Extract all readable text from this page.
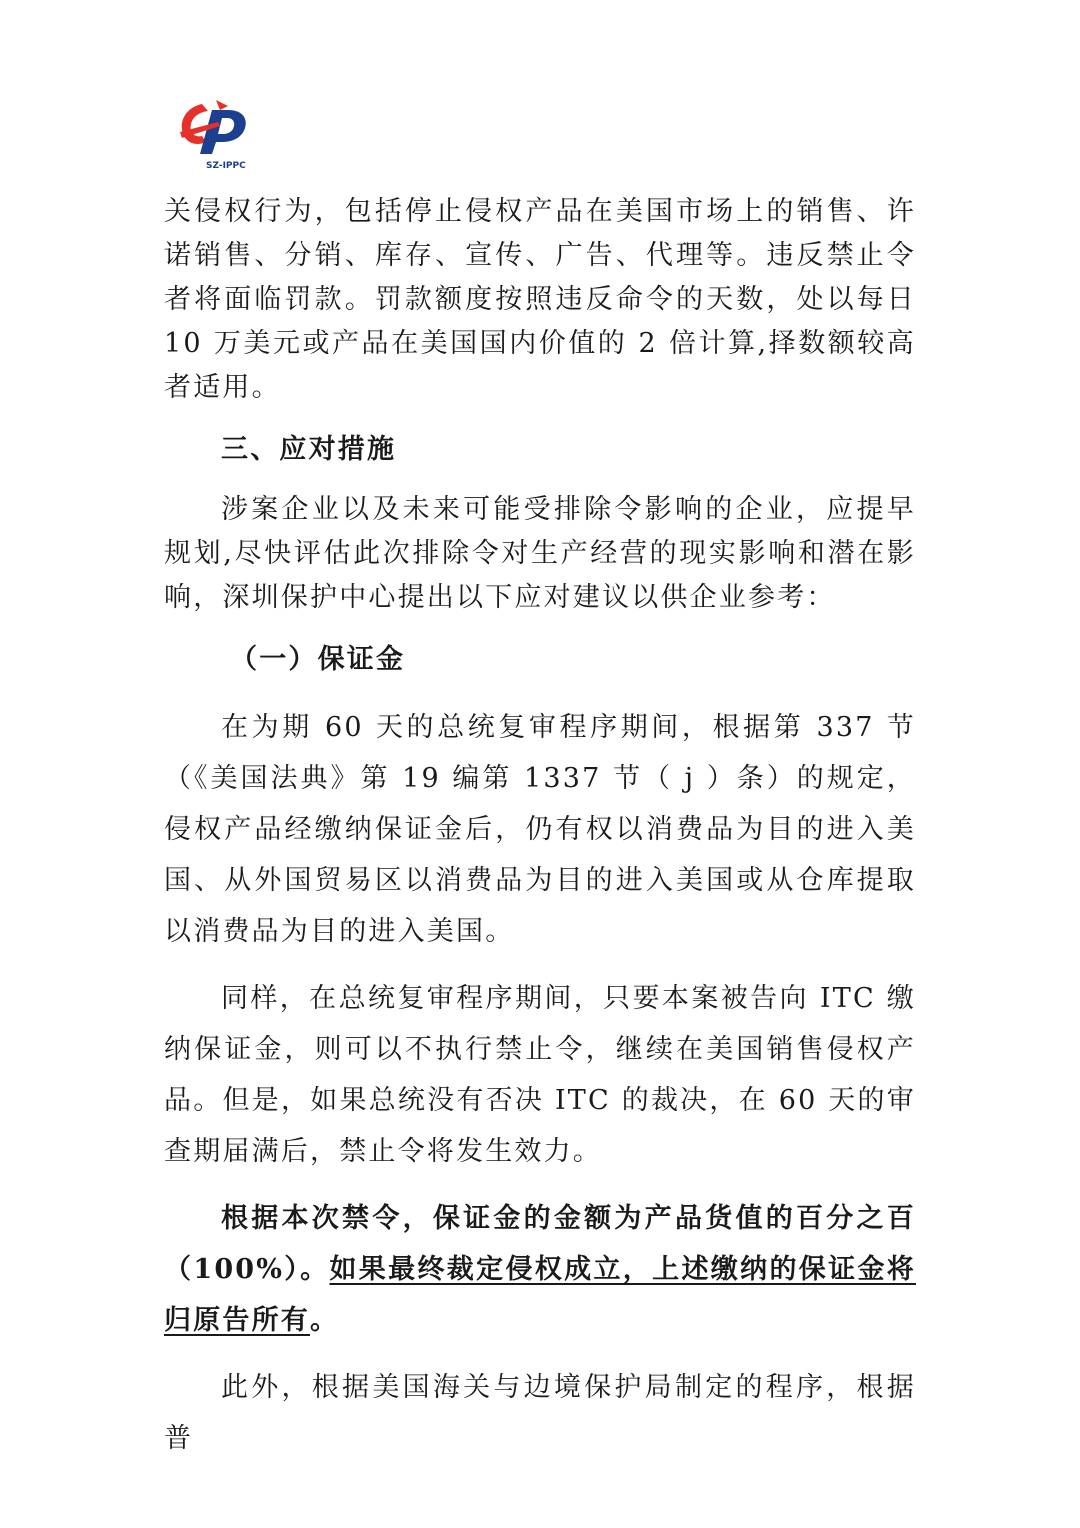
SZ-IPPC

关侵权行为，包括停止侵权产品在美国市场上的销售、许诺销售、分销、库存、宣传、广告、代理等。违反禁止令者将面临罚款。罚款额度按照违反命令的天数，处以每日 10 万美元或产品在美国国内价值的 2 倍计算,择数额较高者适用。

三、应对措施

涉案企业以及未来可能受排除令影响的企业，应提早规划,尽快评估此次排除令对生产经营的现实影响和潜在影响，深圳保护中心提出以下应对建议以供企业参考：

（一）保证金

在为期 60 天的总统复审程序期间，根据第 337 节（《美国法典》第 19 编第 1337 节（ j ）条）的规定，侵权产品经缴纳保证金后，仍有权以消费品为目的进入美国、从外国贸易区以消费品为目的进入美国或从仓库提取以消费品为目的进入美国。

同样，在总统复审程序期间，只要本案被告向 ITC 缴纳保证金，则可以不执行禁止令，继续在美国销售侵权产品。但是，如果总统没有否决 ITC 的裁决，在 60 天的审查期届满后，禁止令将发生效力。

根据本次禁令，保证金的金额为产品货值的百分之百（100%）。如果最终裁定侵权成立，上述缴纳的保证金将归原告所有。

此外，根据美国海关与边境保护局制定的程序，根据普
